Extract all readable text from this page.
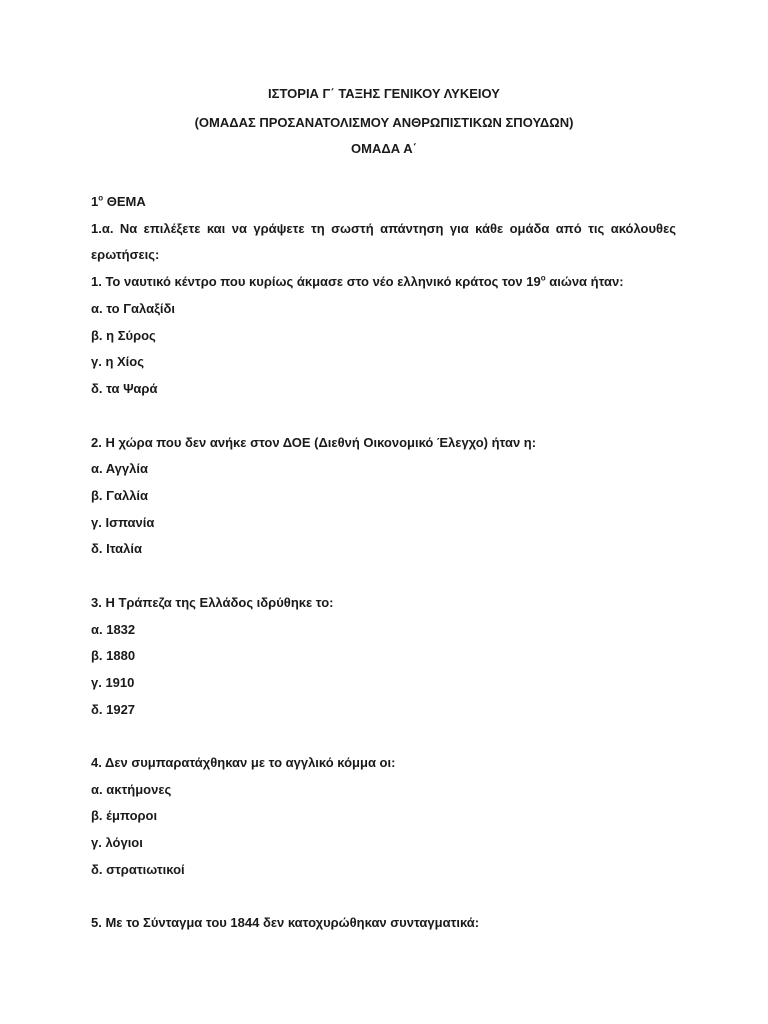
ΙΣΤΟΡΙΑ Γ΄ ΤΑΞΗΣ ΓΕΝΙΚΟΥ ΛΥΚΕΙΟΥ
(ΟΜΑΔΑΣ ΠΡΟΣΑΝΑΤΟΛΙΣΜΟΥ ΑΝΘΡΩΠΙΣΤΙΚΩΝ ΣΠΟΥΔΩΝ)
ΟΜΑΔΑ Α΄
$1^o$ ΘΕΜΑ
1.α. Να επιλέξετε και να γράψετε τη σωστή απάντηση για κάθε ομάδα από τις ακόλουθες
ερωτήσεις:
1. Το ναυτικό κέντρο που κυρίως άκμασε στο νέο ελληνικό κράτος τον $19^o$ αιώνα ήταν:
α. το Γαλαξίδι
β. η Σύρος
γ. η Χίος
δ. τα Ψαρά
2. Η χώρα που δεν ανήκε στον ΔΟΕ (Διεθνή Οικονομικό Έλεγχο) ήταν η:
α. Αγγλία
β. Γαλλία
γ. Ισπανία
δ. Ιταλία
3. Η Τράπεζα της Ελλάδος ιδρύθηκε το:
α. 1832
β. 1880
γ. 1910
δ. 1927
4. Δεν συμπαρατάχθηκαν με το αγγλικό κόμμα οι:
α. ακτήμονες
β. έμποροι
γ. λόγιοι
δ. στρατιωτικοί
5. Με το Σύνταγμα του 1844 δεν κατοχυρώθηκαν συνταγματικά:
